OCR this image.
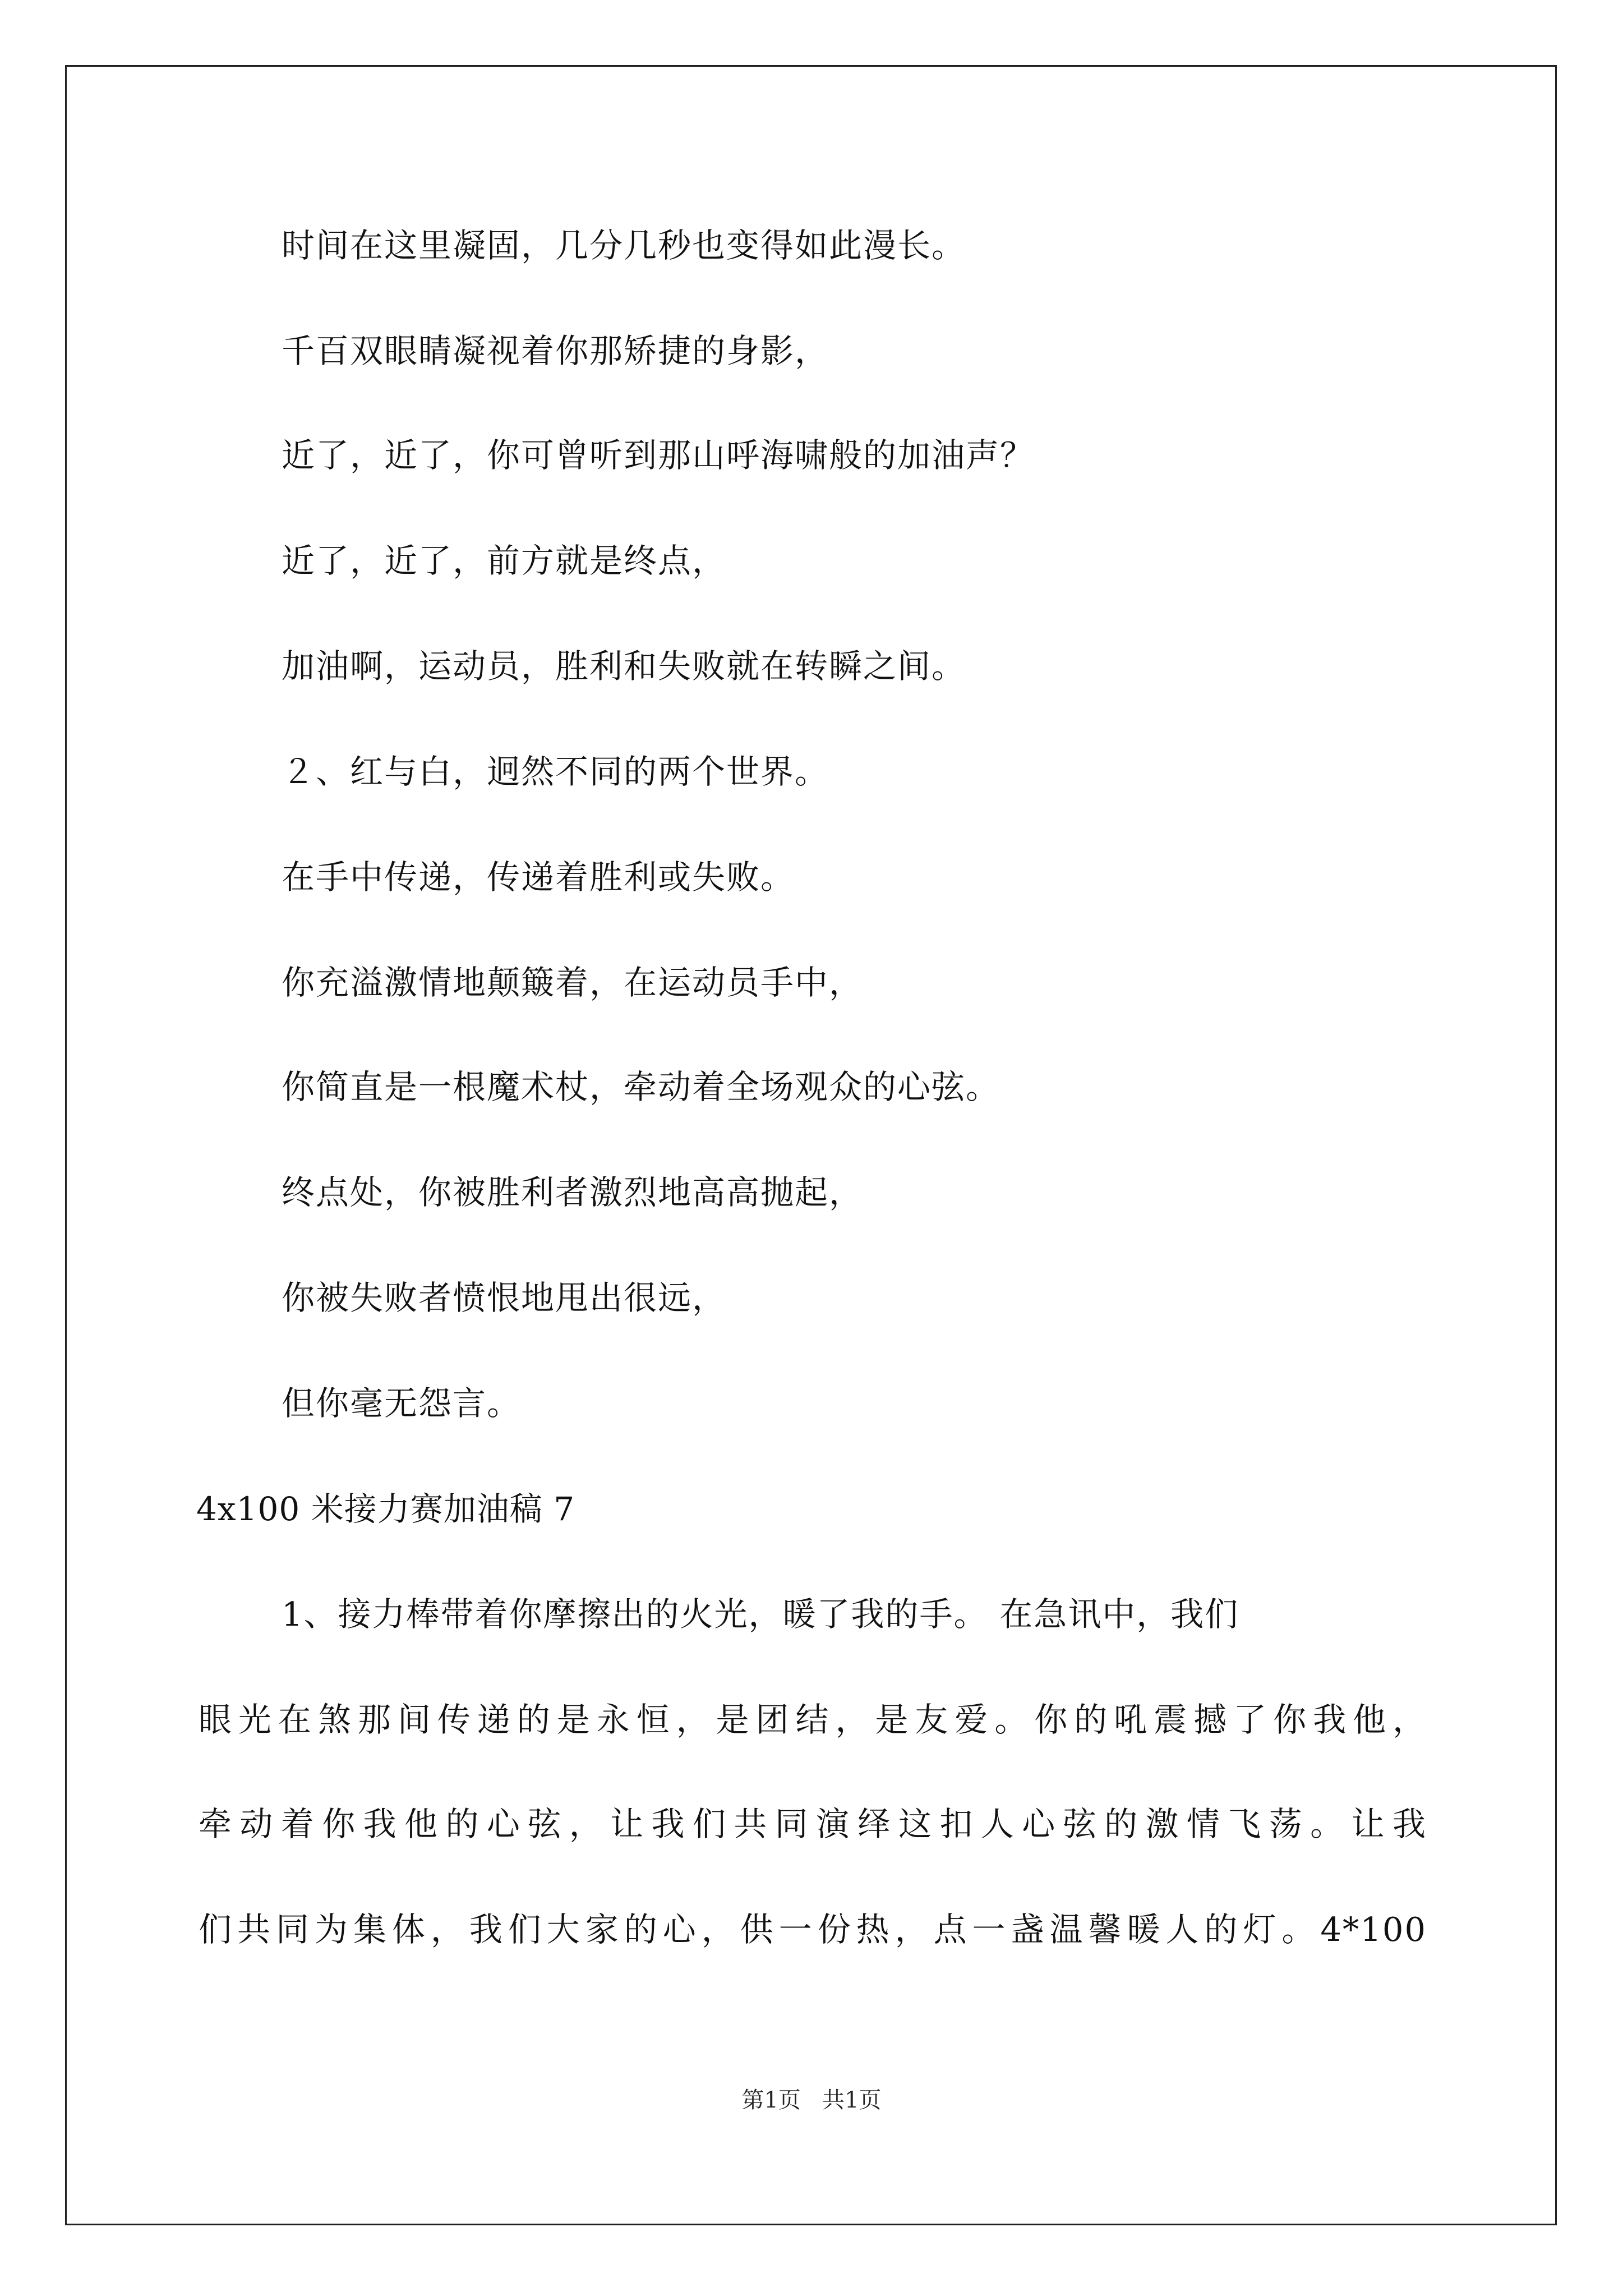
时间在这里凝固，几分几秒也变得如此漫长。
千百双眼睛凝视着你那矫捷的身影，
近了，近了，你可曾听到那山呼海啸般的加油声？
近了，近了，前方就是终点，
加油啊，运动员，胜利和失败就在转瞬之间。
２、红与白，迥然不同的两个世界。
在手中传递，传递着胜利或失败。
你充溢激情地颠簸着，在运动员手中，
你简直是一根魔术杖，牵动着全场观众的心弦。
终点处，你被胜利者激烈地高高抛起，
你被失败者愤恨地甩出很远，
但你毫无怨言。
4x100 米接力赛加油稿 7
1、接力棒带着你摩擦出的火光，暖了我的手。 在急讯中，我们
眼光在煞那间传递的是永恒，是团结，是友爱。你的吼震撼了你我他，
牵动着你我他的心弦，让我们共同演绎这扣人心弦的激情飞荡。让我
们共同为集体，我们大家的心，供一份热，点一盏温馨暖人的灯。4*100
第1页   共1页
